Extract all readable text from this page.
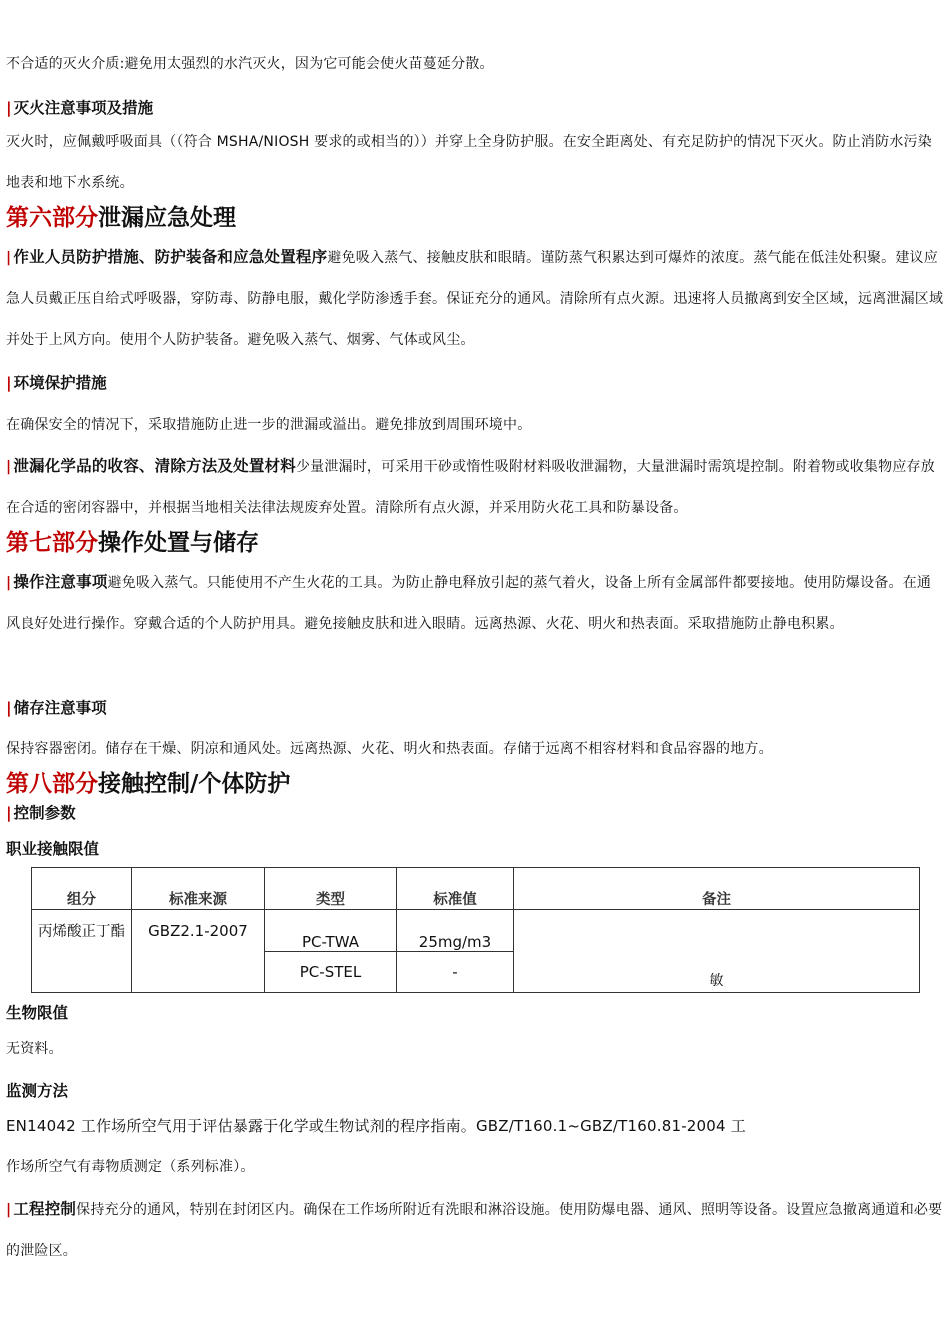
不合适的灭火介质:避免用太强烈的水汽灭火，因为它可能会使火苗蔓延分散。

| 灭火注意事项及措施

灭火时，应佩戴呼吸面具（（符合 MSHA/NIOSH 要求的或相当的））并穿上全身防护服。在安全距离处、有充足防护的情况下灭火。防止消防水污染地表和地下水系统。

第六部分泄漏应急处理

| 作业人员防护措施、防护装备和应急处置程序避免吸入蒸气、接触皮肤和眼睛。谨防蒸气积累达到可爆炸的浓度。蒸气能在低洼处积聚。建议应急人员戴正压自给式呼吸器，穿防毒、防静电服，戴化学防渗透手套。保证充分的通风。清除所有点火源。迅速将人员撤离到安全区域，远离泄漏区域并处于上风方向。使用个人防护装备。避免吸入蒸气、烟雾、气体或风尘。

| 环境保护措施

在确保安全的情况下，采取措施防止进一步的泄漏或溢出。避免排放到周围环境中。

| 泄漏化学品的收容、清除方法及处置材料少量泄漏时，可采用干砂或惰性吸附材料吸收泄漏物，大量泄漏时需筑堤控制。附着物或收集物应存放在合适的密闭容器中，并根据当地相关法律法规废弃处置。清除所有点火源，并采用防火花工具和防暴设备。

第七部分操作处置与储存

| 操作注意事项避免吸入蒸气。只能使用不产生火花的工具。为防止静电释放引起的蒸气着火，设备上所有金属部件都要接地。使用防爆设备。在通风良好处进行操作。穿戴合适的个人防护用具。避免接触皮肤和进入眼睛。远离热源、火花、明火和热表面。采取措施防止静电积累。

| 储存注意事项

保持容器密闭。储存在干燥、阴凉和通风处。远离热源、火花、明火和热表面。存储于远离不相容材料和食品容器的地方。

第八部分接触控制/个体防护
| 控制参数
职业接触限值
组分	标准来源	类型	标准值	备注
丙烯酸正丁酯	GBZ2.1-2007	PC-TWA	25mg/m3	敏
		PC-STEL	-	
生物限值

无资料。

监测方法

EN14042 工作场所空气用于评估暴露于化学或生物试剂的程序指南。GBZ/T160.1~GBZ/T160.81-2004 工

作场所空气有毒物质测定（系列标准）。

| 工程控制保持充分的通风，特别在封闭区内。确保在工作场所附近有洗眼和淋浴设施。使用防爆电器、通风、照明等设备。设置应急撤离通道和必要的泄险区。
